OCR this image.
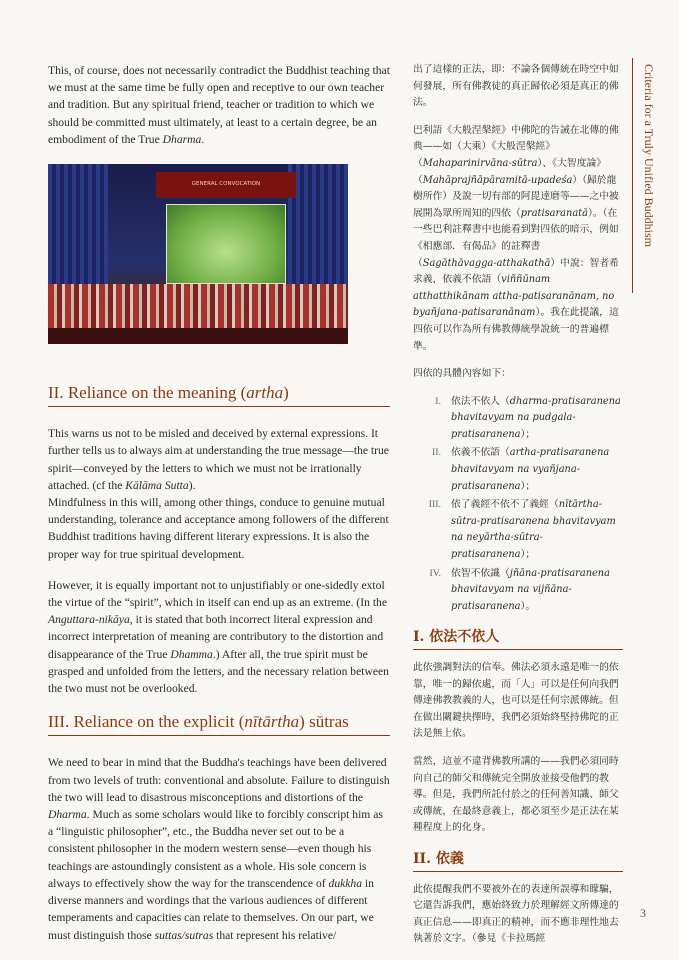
This, of course, does not necessarily contradict the Buddhist teaching that we must at the same time be fully open and receptive to our own teacher and tradition. But any spiritual friend, teacher or tradition to which we should be committed must ultimately, at least to a certain degree, be an embodiment of the True Dharma.

GENERAL CONVOCATION
II. Reliance on the meaning (artha)

This warns us not to be misled and deceived by external expressions. It further tells us to always aim at understanding the true message—the true spirit—conveyed by the letters to which we must not be irrationally attached. (cf the Kālāma Sutta).
Mindfulness in this will, among other things, conduce to genuine mutual understanding, tolerance and acceptance among followers of the different Buddhist traditions having different literary expressions. It is also the proper way for true spiritual development.

However, it is equally important not to unjustifiably or one-sidedly extol the virtue of the “spirit”, which in itself can end up as an extreme. (In the Anguttara-nikāya, it is stated that both incorrect literal expression and incorrect interpretation of meaning are contributory to the distortion and disappearance of the True Dhamma.) After all, the true spirit must be grasped and unfolded from the letters, and the necessary relation between the two must not be overlooked.

III. Reliance on the explicit (nītārtha) sūtras

We need to bear in mind that the Buddha's teachings have been delivered from two levels of truth: conventional and absolute. Failure to distinguish the two will lead to disastrous misconceptions and distortions of the Dharma. Much as some scholars would like to forcibly conscript him as a “linguistic philosopher”, etc., the Buddha never set out to be a consistent philosopher in the modern western sense—even though his teachings are astoundingly consistent as a whole. His sole concern is always to effectively show the way for the transcendence of dukkha in diverse manners and wordings that the various audiences of different temperaments and capacities can relate to themselves. On our part, we must distinguish those suttas/sutras that represent his relative/

出了這樣的正法，即：不論各個傳統在時空中如何發展，所有佛教徒的真正歸依必須是真正的佛法。

巴利語《大般涅槃經》中佛陀的告誡在北傳的佛典——如（大乘）《大般涅槃經》（Mahaparinirvāna-sūtra）、《大智度論》（Mahāprajñāpāramitā-upadeśa）（歸於龍樹所作）及說一切有部的阿毘達磨等——之中被展開為眾所周知的四依（pratisaranatā）。（在一些巴利註釋書中也能看到對四依的暗示，例如《相應部．有偈品》的註釋書（Sagāthāvagga-atthakathā）中說：智者希求義，依義不依語（viññūnam atthatthikānam attha-patisaranānam, no byañjana-patisaranānam）。我在此提議，這四依可以作為所有佛教傳統學說統一的普遍標準。

四依的具體內容如下：

I.	依法不依人（dharma-pratisaranena bhavitavyam na pudgala-pratisaranena）；
II.	依義不依語（artha-pratisaranena bhavitavyam na vyañjana-pratisaranena）；
III.	依了義經不依不了義經（nītārtha-sūtra-pratisaranena bhavitavyam na neyārtha-sūtra-pratisaranena）；
IV.	依智不依識（jñāna-pratisaranena bhavitavyam na vijñāna-pratisaranena）。
I. 依法不依人

此依強調對法的信奉。佛法必須永遠是唯一的依靠，唯一的歸依處，而「人」可以是任何向我們傳達佛教教義的人，也可以是任何宗派傳統。但在做出關鍵抉擇時，我們必須始終堅持佛陀的正法是無上依。

當然，這並不違背佛教所講的——我們必須同時向自己的師父和傳統完全開放並接受他們的教導。但是，我們所託付於之的任何善知識、師父或傳統，在最終意義上，都必須至少是正法在某種程度上的化身。

II. 依義

此依提醒我們不要被外在的表達所誤導和矇騙，它還告訴我們，應始終致力於理解經文所傳達的真正信息——即真正的精神，而不應非理性地去執著於文字。（參見《卡拉瑪經

Criteria for a Truly Unified Buddhism
3
